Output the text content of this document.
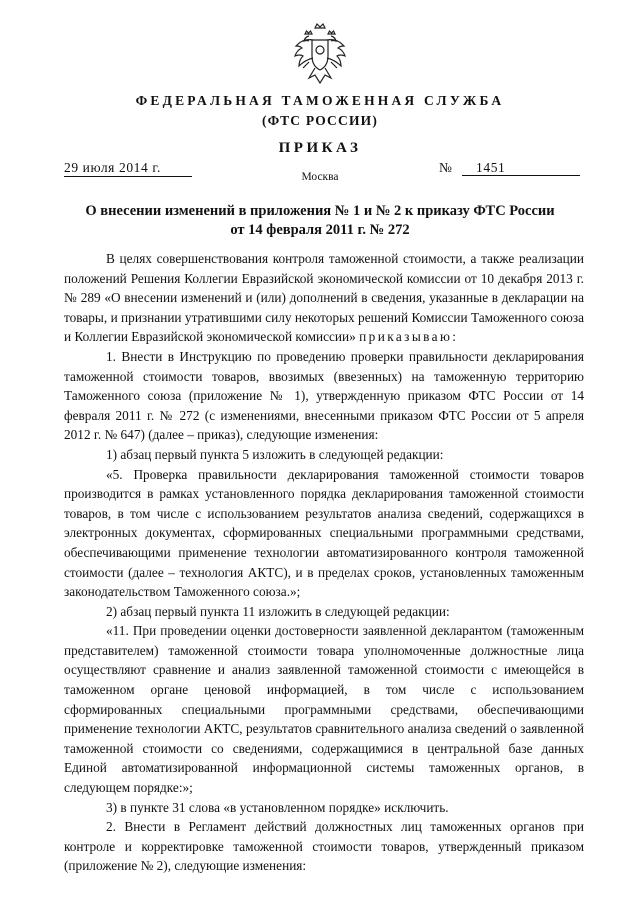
ФЕДЕРАЛЬНАЯ ТАМОЖЕННАЯ СЛУЖБА
(ФТС РОССИИ)
ПРИКАЗ
29 июля 2014 г.	№	1451
Москва
О внесении изменений в приложения № 1 и № 2 к приказу ФТС России
от 14 февраля 2011 г. № 272

В целях совершенствования контроля таможенной стоимости, а также реализации положений Решения Коллегии Евразийской экономической комиссии от 10 декабря 2013 г. № 289 «О внесении изменений и (или) дополнений в сведения, указанные в декларации на товары, и признании утратившими силу некоторых решений Комиссии Таможенного союза и Коллегии Евразийской экономической комиссии» приказываю:

1. Внести в Инструкцию по проведению проверки правильности декларирования таможенной стоимости товаров, ввозимых (ввезенных) на таможенную территорию Таможенного союза (приложение № 1), утвержденную приказом ФТС России от 14 февраля 2011 г. № 272 (с изменениями, внесенными приказом ФТС России от 5 апреля 2012 г. № 647) (далее – приказ), следующие изменения:

1) абзац первый пункта 5 изложить в следующей редакции:

«5. Проверка правильности декларирования таможенной стоимости товаров производится в рамках установленного порядка декларирования таможенной стоимости товаров, в том числе с использованием результатов анализа сведений, содержащихся в электронных документах, сформированных специальными программными средствами, обеспечивающими применение технологии автоматизированного контроля таможенной стоимости (далее – технология АКТС), и в пределах сроков, установленных таможенным законодательством Таможенного союза.»;

2) абзац первый пункта 11 изложить в следующей редакции:

«11. При проведении оценки достоверности заявленной декларантом (таможенным представителем) таможенной стоимости товара уполномоченные должностные лица осуществляют сравнение и анализ заявленной таможенной стоимости с имеющейся в таможенном органе ценовой информацией, в том числе с использованием сформированных специальными программными средствами, обеспечивающими применение технологии АКТС, результатов сравнительного анализа сведений о заявленной таможенной стоимости со сведениями, содержащимися в центральной базе данных Единой автоматизированной информационной системы таможенных органов, в следующем порядке:»;

3) в пункте 31 слова «в установленном порядке» исключить.

2. Внести в Регламент действий должностных лиц таможенных органов при контроле и корректировке таможенной стоимости товаров, утвержденный приказом (приложение № 2), следующие изменения:
